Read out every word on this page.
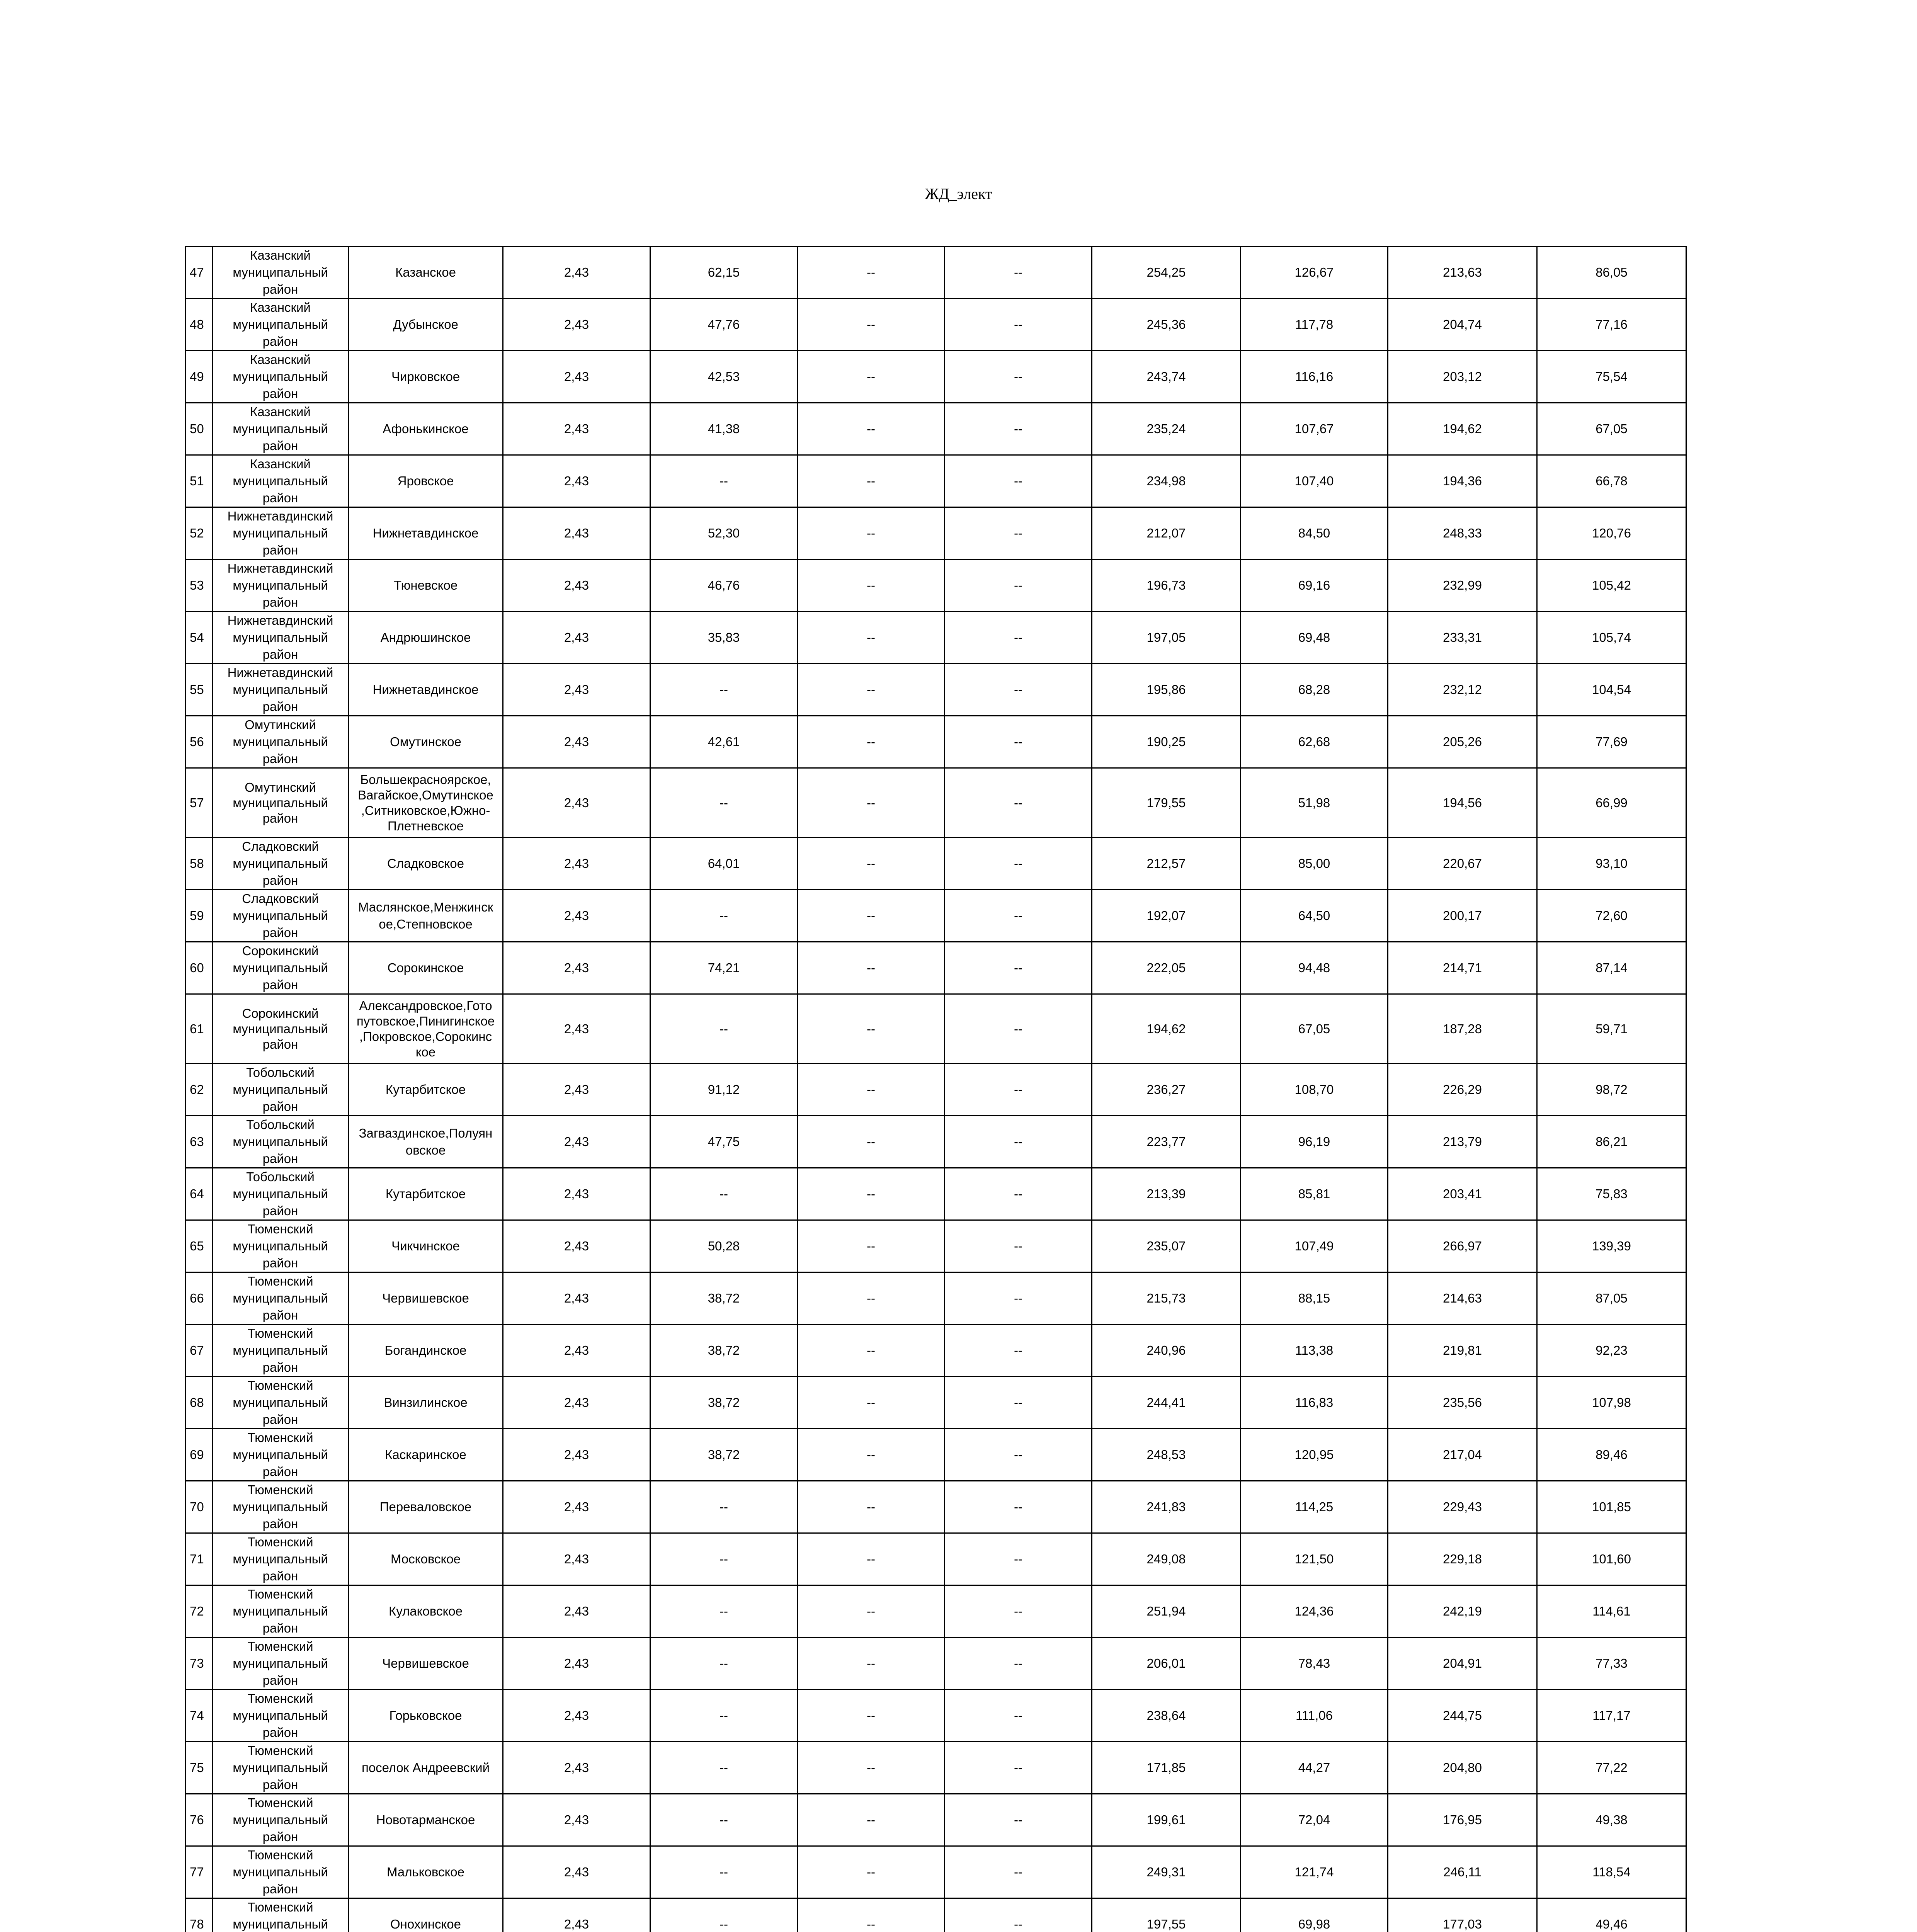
ЖД_элект
47	Казанский муниципальный район	Казанское	2,43	62,15	--	--	254,25	126,67	213,63	86,05
48	Казанский муниципальный район	Дубынское	2,43	47,76	--	--	245,36	117,78	204,74	77,16
49	Казанский муниципальный район	Чирковское	2,43	42,53	--	--	243,74	116,16	203,12	75,54
50	Казанский муниципальный район	Афонькинское	2,43	41,38	--	--	235,24	107,67	194,62	67,05
51	Казанский муниципальный район	Яровское	2,43	--	--	--	234,98	107,40	194,36	66,78
52	Нижнетавдинский муниципальный район	Нижнетавдинское	2,43	52,30	--	--	212,07	84,50	248,33	120,76
53	Нижнетавдинский муниципальный район	Тюневское	2,43	46,76	--	--	196,73	69,16	232,99	105,42
54	Нижнетавдинский муниципальный район	Андрюшинское	2,43	35,83	--	--	197,05	69,48	233,31	105,74
55	Нижнетавдинский муниципальный район	Нижнетавдинское	2,43	--	--	--	195,86	68,28	232,12	104,54
56	Омутинский муниципальный район	Омутинское	2,43	42,61	--	--	190,25	62,68	205,26	77,69
57	Омутинский муниципальный район	Большекрасноярское, Вагайское,Омутинское ,Ситниковское,Южно-Плетневское	2,43	--	--	--	179,55	51,98	194,56	66,99
58	Сладковский муниципальный район	Сладковское	2,43	64,01	--	--	212,57	85,00	220,67	93,10
59	Сладковский муниципальный район	Маслянское,Менжинск ое,Степновское	2,43	--	--	--	192,07	64,50	200,17	72,60
60	Сорокинский муниципальный район	Сорокинское	2,43	74,21	--	--	222,05	94,48	214,71	87,14
61	Сорокинский муниципальный район	Александровское,Гото путовское,Пинигинское ,Покровское,Сорокинс кое	2,43	--	--	--	194,62	67,05	187,28	59,71
62	Тобольский муниципальный район	Кутарбитское	2,43	91,12	--	--	236,27	108,70	226,29	98,72
63	Тобольский муниципальный район	Загваздинское,Полуян овское	2,43	47,75	--	--	223,77	96,19	213,79	86,21
64	Тобольский муниципальный район	Кутарбитское	2,43	--	--	--	213,39	85,81	203,41	75,83
65	Тюменский муниципальный район	Чикчинское	2,43	50,28	--	--	235,07	107,49	266,97	139,39
66	Тюменский муниципальный район	Червишевское	2,43	38,72	--	--	215,73	88,15	214,63	87,05
67	Тюменский муниципальный район	Богандинское	2,43	38,72	--	--	240,96	113,38	219,81	92,23
68	Тюменский муниципальный район	Винзилинское	2,43	38,72	--	--	244,41	116,83	235,56	107,98
69	Тюменский муниципальный район	Каскаринское	2,43	38,72	--	--	248,53	120,95	217,04	89,46
70	Тюменский муниципальный район	Переваловское	2,43	--	--	--	241,83	114,25	229,43	101,85
71	Тюменский муниципальный район	Московское	2,43	--	--	--	249,08	121,50	229,18	101,60
72	Тюменский муниципальный район	Кулаковское	2,43	--	--	--	251,94	124,36	242,19	114,61
73	Тюменский муниципальный район	Червишевское	2,43	--	--	--	206,01	78,43	204,91	77,33
74	Тюменский муниципальный район	Горьковское	2,43	--	--	--	238,64	111,06	244,75	117,17
75	Тюменский муниципальный район	поселок Андреевский	2,43	--	--	--	171,85	44,27	204,80	77,22
76	Тюменский муниципальный район	Новотарманское	2,43	--	--	--	199,61	72,04	176,95	49,38
77	Тюменский муниципальный район	Мальковское	2,43	--	--	--	249,31	121,74	246,11	118,54
78	Тюменский муниципальный	Онохинское	2,43	--	--	--	197,55	69,98	177,03	49,46
